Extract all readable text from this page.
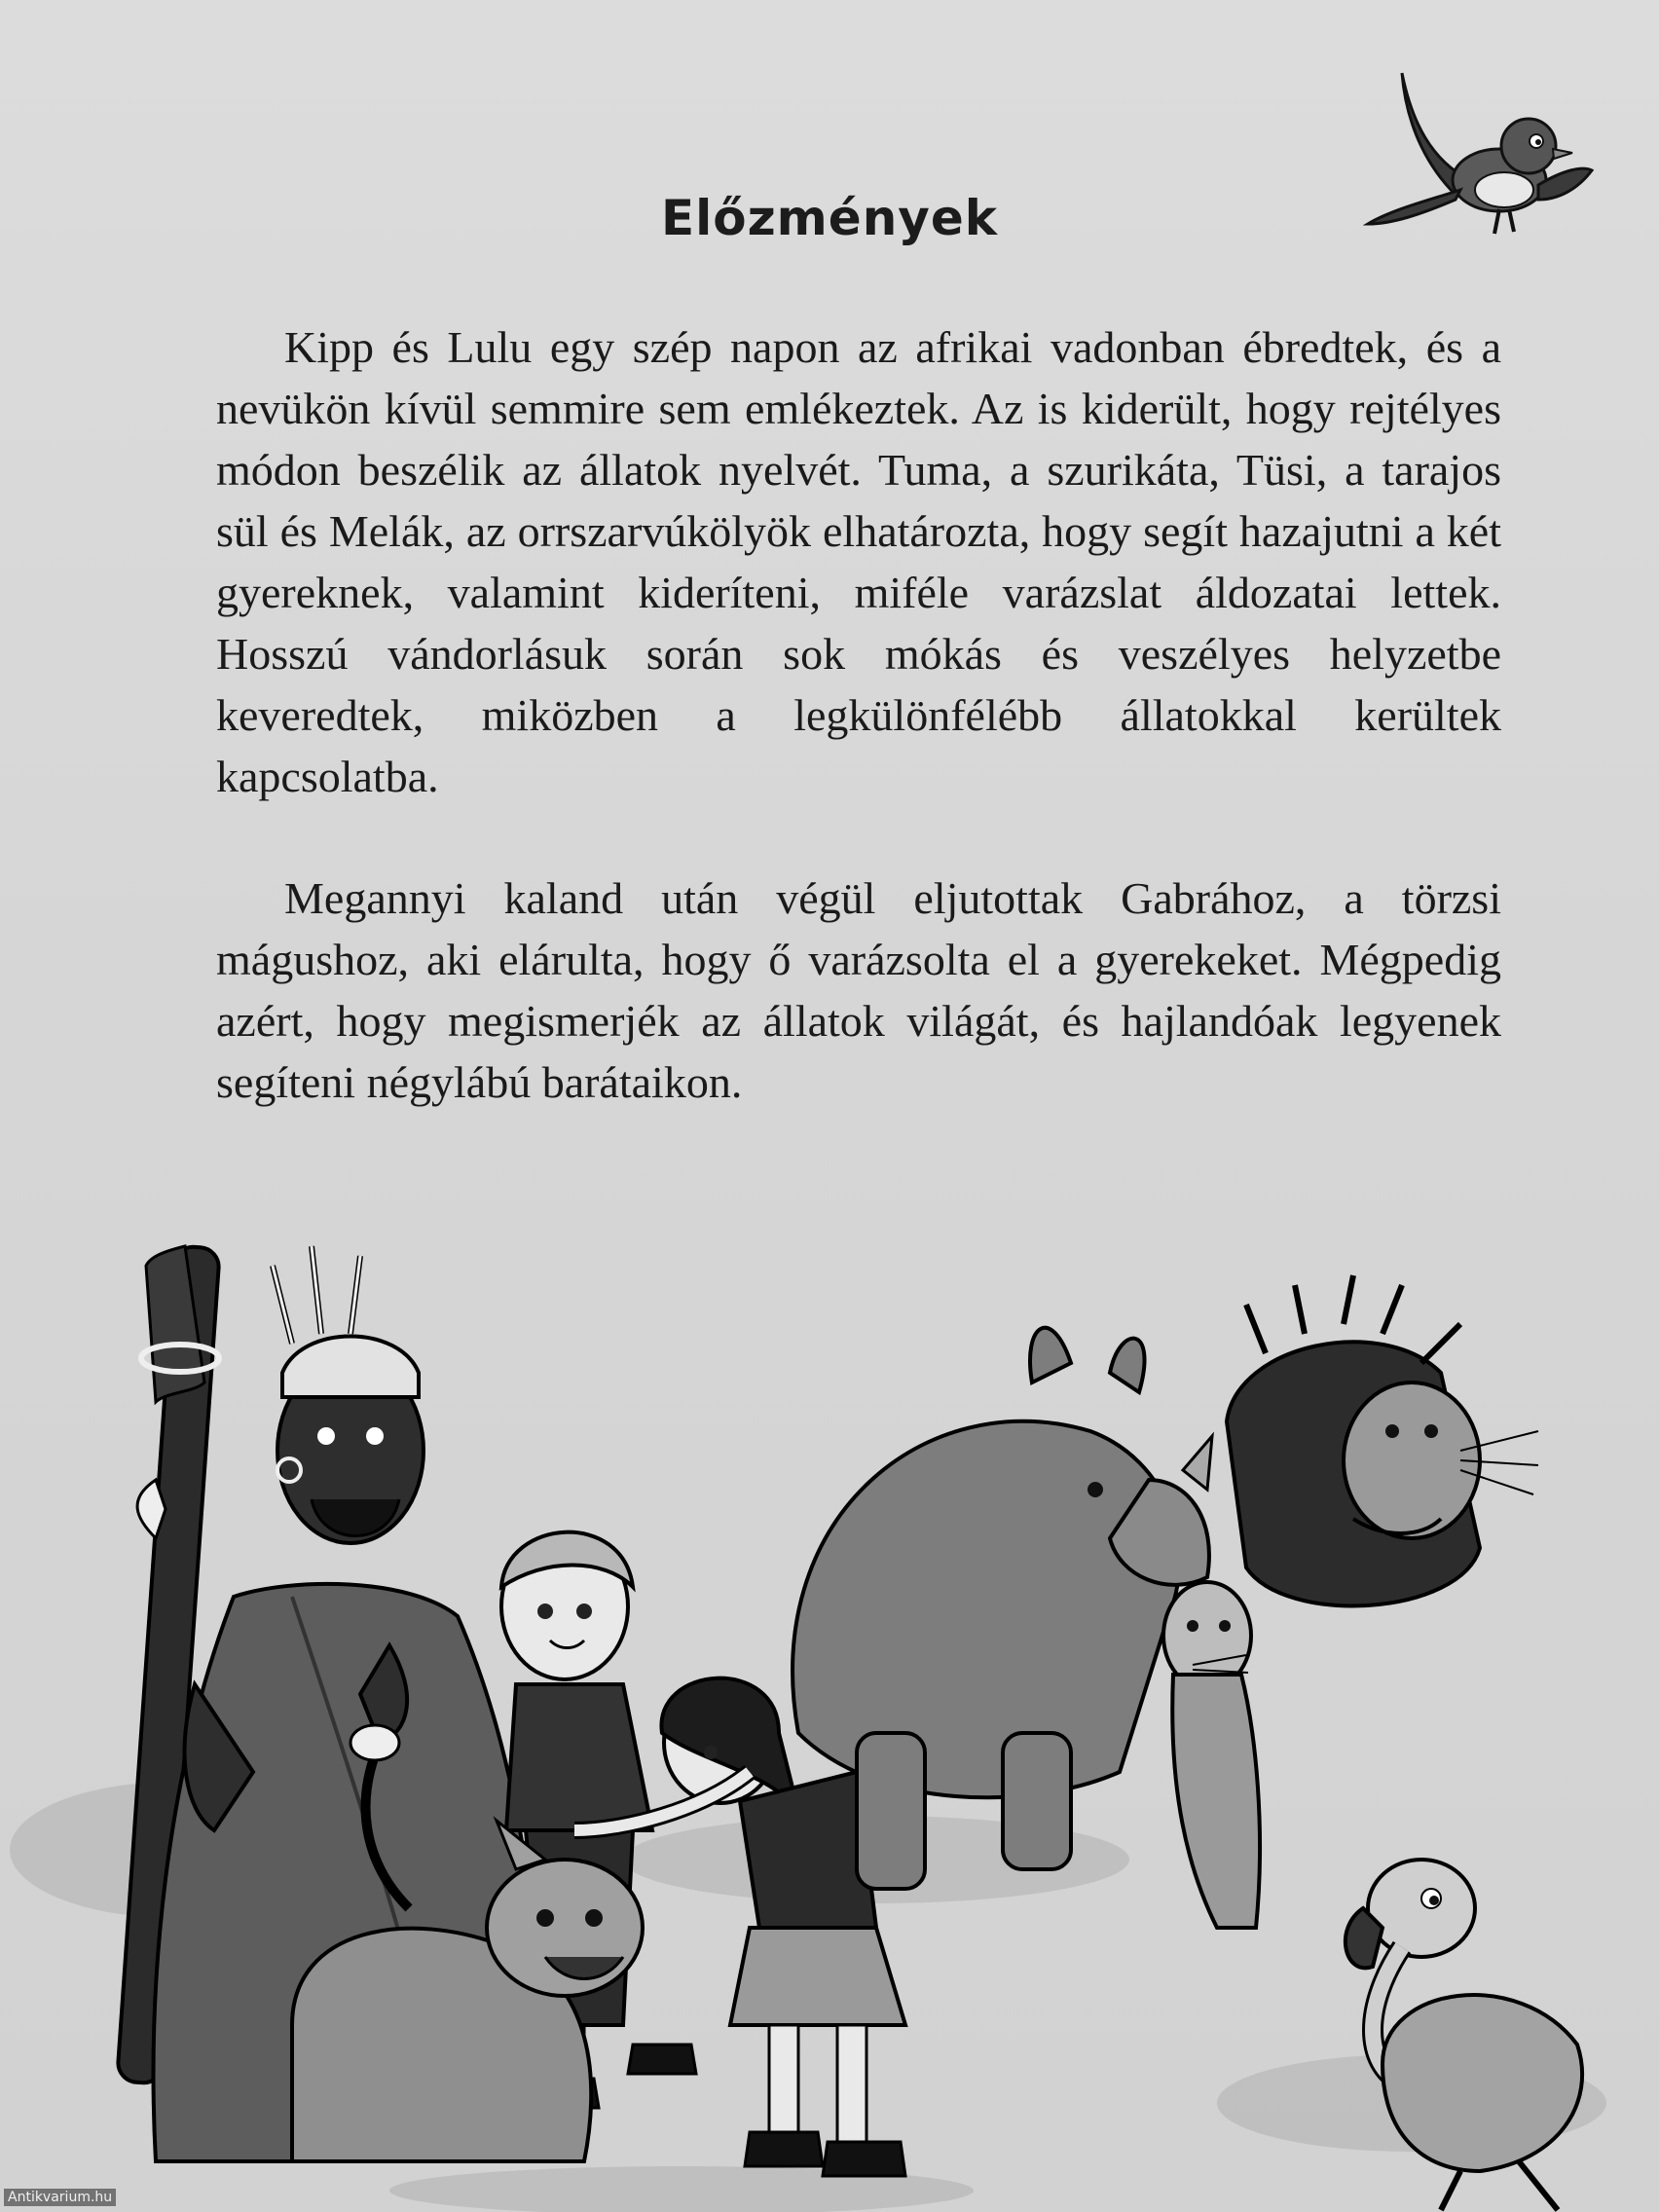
Előzmények

Kipp és Lulu egy szép napon az afrikai vadonban ébredtek, és a nevükön kívül semmire sem emlékeztek. Az is kiderült, hogy rejtélyes módon beszélik az állatok nyelvét. Tuma, a szurikáta, Tüsi, a tarajos sül és Melák, az orrszarvúkölyök elhatározta, hogy segít hazajutni a két gyereknek, valamint kideríteni, miféle varázslat áldozatai lettek. Hosszú vándorlásuk során sok mókás és veszélyes helyzetbe keveredtek, miközben a legkülönfélébb állatokkal kerültek kapcsolatba.

Megannyi kaland után végül eljutottak Gabrához, a törzsi mágushoz, aki elárulta, hogy ő varázsolta el a gyerekeket. Mégpedig azért, hogy megismerjék az állatok világát, és hajlandóak legyenek segíteni négylábú barátaikon.

Antikvarium.hu
